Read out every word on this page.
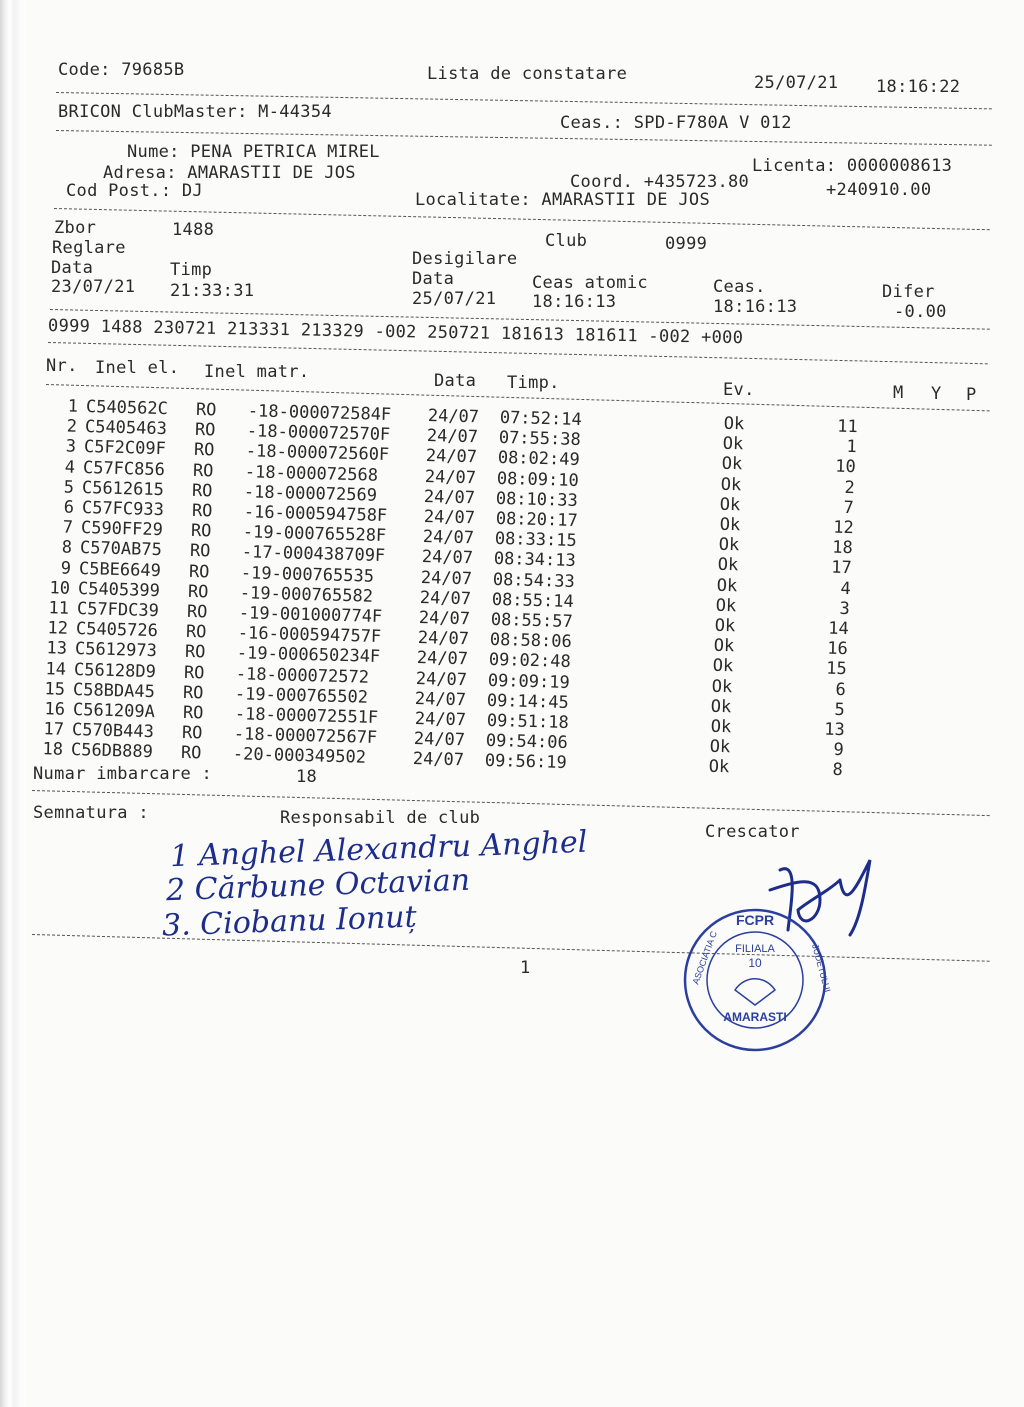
Code: 79685B	Lista de constatare	25/07/21 18:16:22
BRICON ClubMaster: M-44354
Ceas.: SPD-F780A V 012
Nume: PENA PETRICA MIREL
Adresa: AMARASTII DE JOS
Cod Post.: DJ
Licenta: 0000008613
Coord. +435723.80	+240910.00
Localitate: AMARASTII DE JOS
Zbor	1488
Club	0999
Reglare
Desigilare
Data	Timp	Data	Ceas atomic	Ceas.	Difer
23/07/21 21:33:31	25/07/21 18:16:13	18:16:13	-0.00
0999 1488 230721 213331 213329 -002 250721 181613 181611 -002 +000
Nr. Inel el. Inel matr.	Data Timp.	Ev.	M Y P
1 C540562C RO -18-000072584F 24/07 07:52:14	Ok	11
2 C5405463 RO -18-000072570F 24/07 07:55:38	Ok	1
3 C5F2C09F RO -18-000072560F 24/07 08:02:49	Ok	10
4 C57FC856 RO -18-000072568	24/07 08:09:10	Ok	2
5 C5612615 RO -18-000072569	24/07 08:10:33	Ok	7
6 C57FC933 RO -16-000594758F 24/07 08:20:17	Ok	12
7 C590FF29 RO -19-000765528F 24/07 08:33:15	Ok	18
8 C570AB75 RO -17-000438709F 24/07 08:34:13	Ok	17
9 C5BE6649 RO -19-000765535	24/07 08:54:33	Ok	4
10 C5405399 RO -19-000765582	24/07 08:55:14	Ok	3
11 C57FDC39 RO -19-001000774F 24/07 08:55:57	Ok	14
12 C5405726 RO -16-000594757F 24/07 08:58:06	Ok	16
13 C5612973 RO -19-000650234F 24/07 09:02:48	Ok	15
14 C56128D9 RO -18-000072572	24/07 09:09:19	Ok	6
15 C58BDA45 RO -19-000765502	24/07 09:14:45	Ok	5
16 C561209A RO -18-000072551F 24/07 09:51:18	Ok	13
17 C570B443 RO -18-000072567F 24/07 09:54:06	Ok	9
18 C56DB889 RO -20-000349502	24/07 09:56:19	Ok	8
Numar imbarcare :	18
Semnatura :	Responsabil de club
Crescator
1 Anghel Alexandru Anghel
2 Cărbune Octavian
3. Ciobanu Ionuț
1
FCPR
FILIALA
10
AMARASTI
ASOCIATIA C	JUDETULUI
